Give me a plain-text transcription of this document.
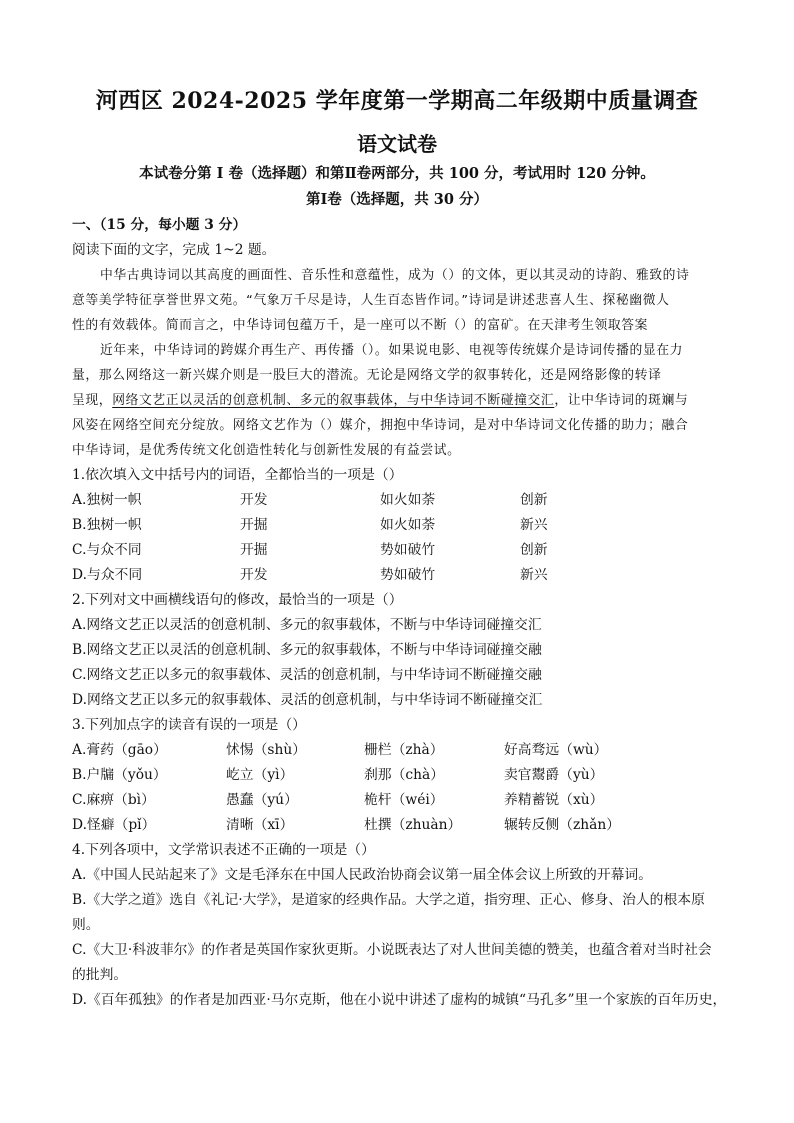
河西区 2024-2025 学年度第一学期高二年级期中质量调查
语文试卷
本试卷分第 I 卷（选择题）和第Ⅱ卷两部分，共 100 分，考试用时 120 分钟。
第Ⅰ卷（选择题，共 30 分）
一、（15 分，每小题 3 分）
阅读下面的文字，完成 1~2 题。
中华古典诗词以其高度的画面性、音乐性和意蕴性，成为（）的文体，更以其灵动的诗韵、雅致的诗
意等美学特征享誉世界文苑。“气象万千尽是诗，人生百态皆作词。”诗词是讲述悲喜人生、探秘幽微人
性的有效载体。简而言之，中华诗词包蕴万千，是一座可以不断（）的富矿。在天津考生领取答案
近年来，中华诗词的跨媒介再生产、再传播（）。如果说电影、电视等传统媒介是诗词传播的显在力
量，那么网络这一新兴媒介则是一股巨大的潜流。无论是网络文学的叙事转化，还是网络影像的转译
呈现，网络文艺正以灵活的创意机制、多元的叙事载体，与中华诗词不断碰撞交汇，让中华诗词的斑斓与
风姿在网络空间充分绽放。网络文艺作为（）媒介，拥抱中华诗词，是对中华诗词文化传播的助力；融合
中华诗词，是优秀传统文化创造性转化与创新性发展的有益尝试。
1.依次填入文中括号内的词语，全都恰当的一项是（）
A.独树一帜	开发	如火如荼	创新
B.独树一帜	开掘	如火如荼	新兴
C.与众不同	开掘	势如破竹	创新
D.与众不同	开发	势如破竹	新兴
2.下列对文中画横线语句的修改，最恰当的一项是（）
A.网络文艺正以灵活的创意机制、多元的叙事载体，不断与中华诗词碰撞交汇
B.网络文艺正以灵活的创意机制、多元的叙事载体，不断与中华诗词碰撞交融
C.网络文艺正以多元的叙事载体、灵活的创意机制，与中华诗词不断碰撞交融
D.网络文艺正以多元的叙事载体、灵活的创意机制，与中华诗词不断碰撞交汇
3.下列加点字的读音有误的一项是（）
A.膏药（gāo）	怵惕（shù）	栅栏（zhà）	好高骛远（wù）
B.户牖（yǒu）	屹立（yì）	刹那（chà）	卖官鬻爵（yù）
C.麻痹（bì）	愚蠢（yú）	桅杆（wéi）	养精蓄锐（xù）
D.怪癖（pǐ）	清晰（xī）	杜撰（zhuàn）	辗转反侧（zhǎn）
4.下列各项中，文学常识表述不正确的一项是（）
A.《中国人民站起来了》文是毛泽东在中国人民政治协商会议第一届全体会议上所致的开幕词。
B.《大学之道》选自《礼记·大学》，是道家的经典作品。大学之道，指穷理、正心、修身、治人的根本原
则。
C.《大卫·科波菲尔》的作者是英国作家狄更斯。小说既表达了对人世间美德的赞美，也蕴含着对当时社会
的批判。
D.《百年孤独》的作者是加西亚·马尔克斯，他在小说中讲述了虚构的城镇“马孔多”里一个家族的百年历史，
